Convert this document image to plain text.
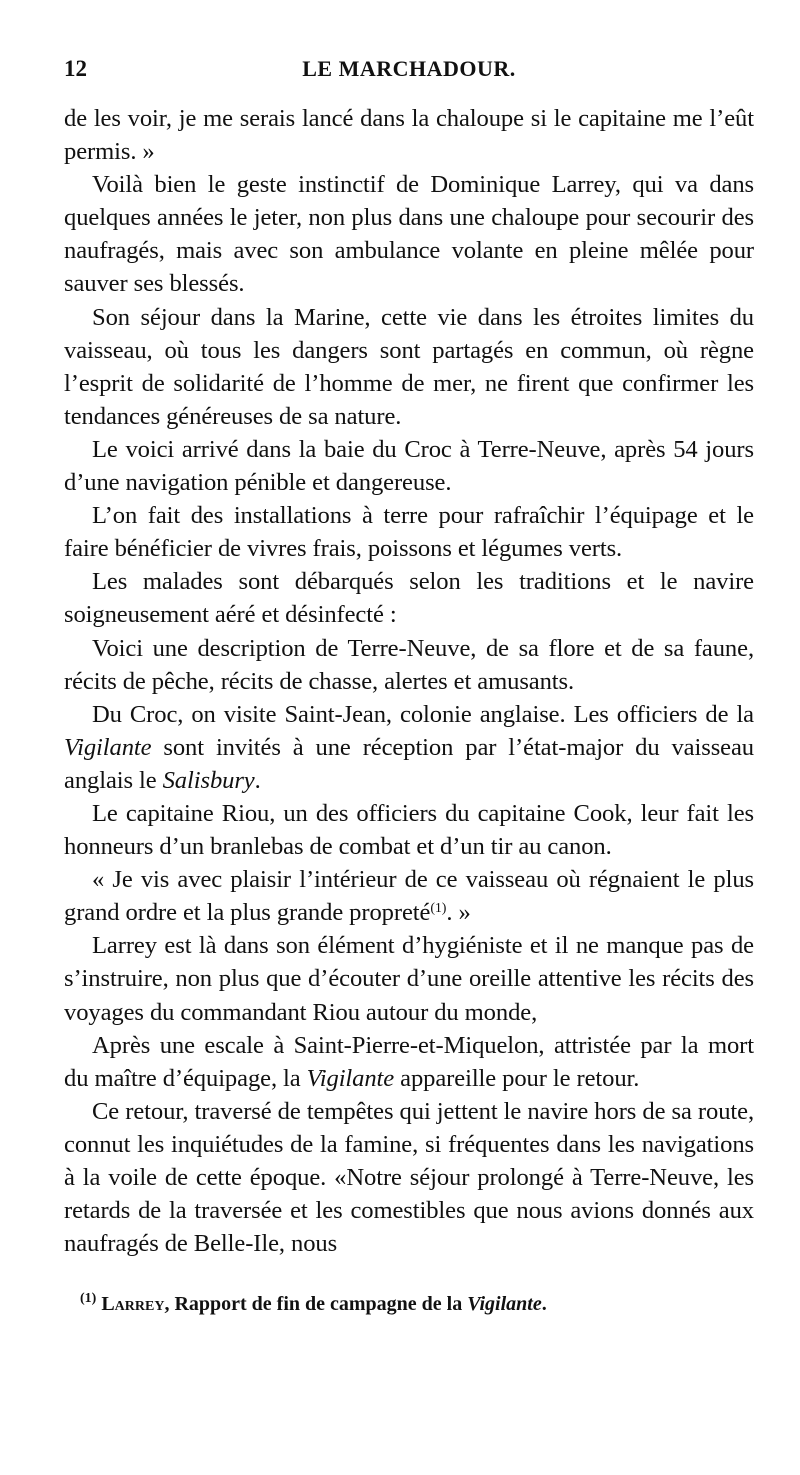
12	LE MARCHADOUR.

de les voir, je me serais lancé dans la chaloupe si le capitaine me l’eût permis. »

Voilà bien le geste instinctif de Dominique Larrey, qui va dans quelques années le jeter, non plus dans une chaloupe pour secourir des naufragés, mais avec son ambulance volante en pleine mêlée pour sauver ses blessés.

Son séjour dans la Marine, cette vie dans les étroites limites du vaisseau, où tous les dangers sont partagés en commun, où règne l’esprit de solidarité de l’homme de mer, ne firent que confirmer les tendances généreuses de sa nature.

Le voici arrivé dans la baie du Croc à Terre-Neuve, après 54 jours d’une navigation pénible et dangereuse.

L’on fait des installations à terre pour rafraîchir l’équipage et le faire bénéficier de vivres frais, poissons et légumes verts.

Les malades sont débarqués selon les traditions et le navire soigneusement aéré et désinfecté :

Voici une description de Terre-Neuve, de sa flore et de sa faune, récits de pêche, récits de chasse, alertes et amusants.

Du Croc, on visite Saint-Jean, colonie anglaise. Les officiers de la Vigilante sont invités à une réception par l’état-major du vaisseau anglais le Salisbury.

Le capitaine Riou, un des officiers du capitaine Cook, leur fait les honneurs d’un branlebas de combat et d’un tir au canon.

« Je vis avec plaisir l’intérieur de ce vaisseau où régnaient le plus grand ordre et la plus grande propreté$^{(1)}$. »

Larrey est là dans son élément d’hygiéniste et il ne manque pas de s’instruire, non plus que d’écouter d’une oreille attentive les récits des voyages du commandant Riou autour du monde,

Après une escale à Saint-Pierre-et-Miquelon, attristée par la mort du maître d’équipage, la Vigilante appareille pour le retour.

Ce retour, traversé de tempêtes qui jettent le navire hors de sa route, connut les inquiétudes de la famine, si fréquentes dans les navigations à la voile de cette époque. «Notre séjour prolongé à Terre-Neuve, les retards de la traversée et les comestibles que nous avions donnés aux naufragés de Belle-Ile, nous

$^{(1)}$ Larrey, Rapport de fin de campagne de la Vigilante.
